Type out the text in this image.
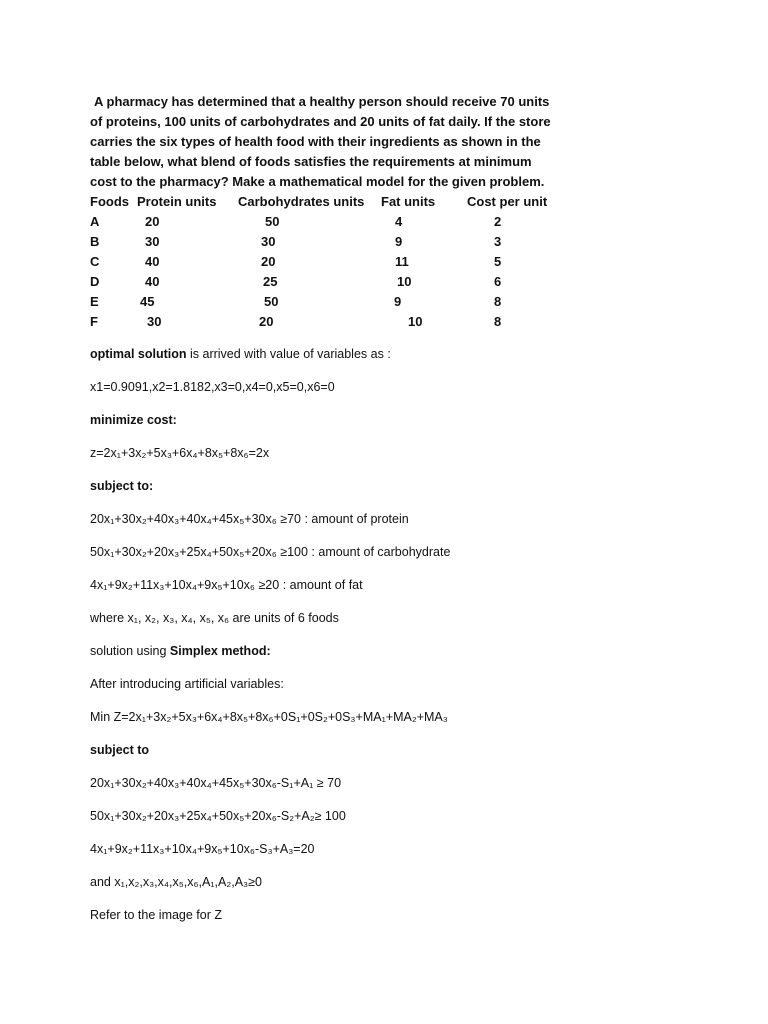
A pharmacy has determined that a healthy person should receive 70 units of proteins, 100 units of carbohydrates and 20 units of fat daily. If the store carries the six types of health food with their ingredients as shown in the table below, what blend of foods satisfies the requirements at minimum cost to the pharmacy? Make a mathematical model for the given problem.

Foods	Protein units	Carbohydrates units	Fat units	Cost per unit
A	20	50	4	2
B	30	30	9	3
C	40	20	11	5
D	40	25	10	6
E	45	50	9	8
F	30	20	10	8
optimal solution is arrived with value of variables as :
x1=0.9091,x2=1.8182,x3=0,x4=0,x5=0,x6=0
minimize cost:
z=2x₁+3x₂+5x₃+6x₄+8x₅+8x₆=2x
subject to:
20x₁+30x₂+40x₃+40x₄+45x₅+30x₆ ≥70 : amount of protein
50x₁+30x₂+20x₃+25x₄+50x₅+20x₆ ≥100 : amount of carbohydrate
4x₁+9x₂+11x₃+10x₄+9x₅+10x₆ ≥20 : amount of fat
where x₁, x₂, x₃, x₄, x₅, x₆ are units of 6 foods
solution using Simplex method:
After introducing artificial variables:
Min Z=2x₁+3x₂+5x₃+6x₄+8x₅+8x₆+0S₁+0S₂+0S₃+MA₁+MA₂+MA₃
subject to
20x₁+30x₂+40x₃+40x₄+45x₅+30x₆-S₁+A₁ ≥ 70
50x₁+30x₂+20x₃+25x₄+50x₅+20x₆-S₂+A₂≥ 100
4x₁+9x₂+11x₃+10x₄+9x₅+10x₆-S₃+A₃=20
and x₁,x₂,x₃,x₄,x₅,x₆,A₁,A₂,A₃≥0
Refer to the image for Z
